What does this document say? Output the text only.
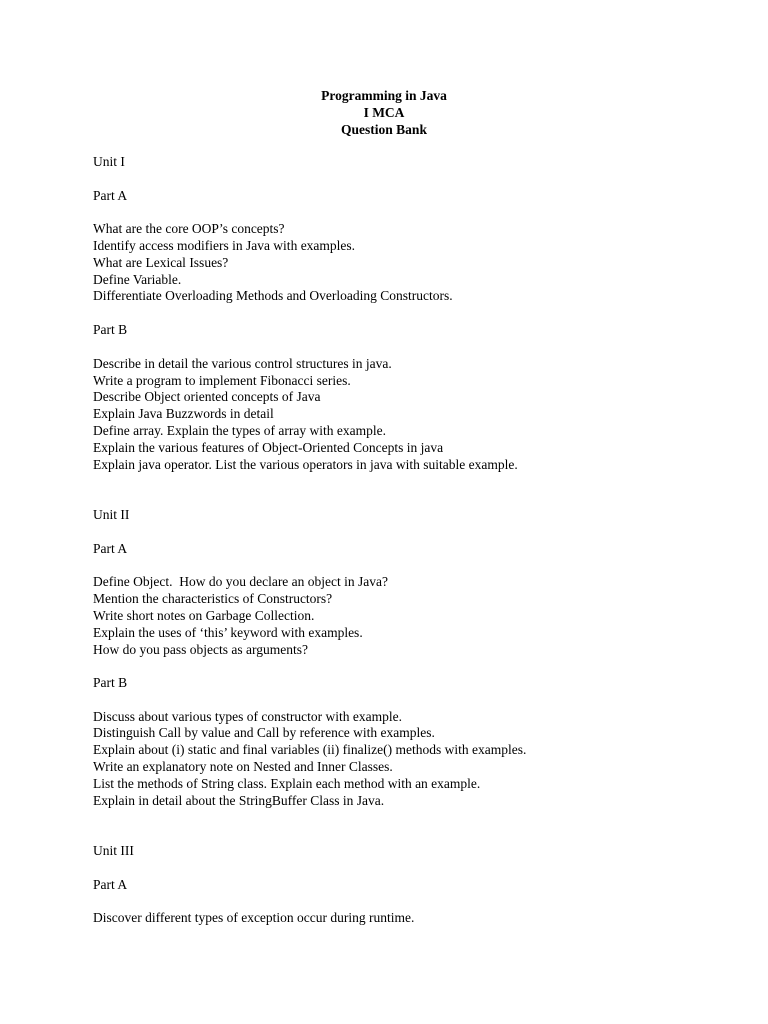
Programming in Java
I MCA
Question Bank
Unit I
Part A
What are the core OOP’s concepts?
Identify access modifiers in Java with examples.
What are Lexical Issues?
Define Variable.
Differentiate Overloading Methods and Overloading Constructors.
Part B
Describe in detail the various control structures in java.
Write a program to implement Fibonacci series.
Describe Object oriented concepts of Java
Explain Java Buzzwords in detail
Define array. Explain the types of array with example.
Explain the various features of Object-Oriented Concepts in java
Explain java operator. List the various operators in java with suitable example.
Unit II
Part A
Define Object.  How do you declare an object in Java?
Mention the characteristics of Constructors?
Write short notes on Garbage Collection.
Explain the uses of ‘this’ keyword with examples.
How do you pass objects as arguments?
Part B
Discuss about various types of constructor with example.
Distinguish Call by value and Call by reference with examples.
Explain about (i) static and final variables (ii) finalize() methods with examples.
Write an explanatory note on Nested and Inner Classes.
List the methods of String class. Explain each method with an example.
Explain in detail about the StringBuffer Class in Java.
Unit III
Part A
Discover different types of exception occur during runtime.
